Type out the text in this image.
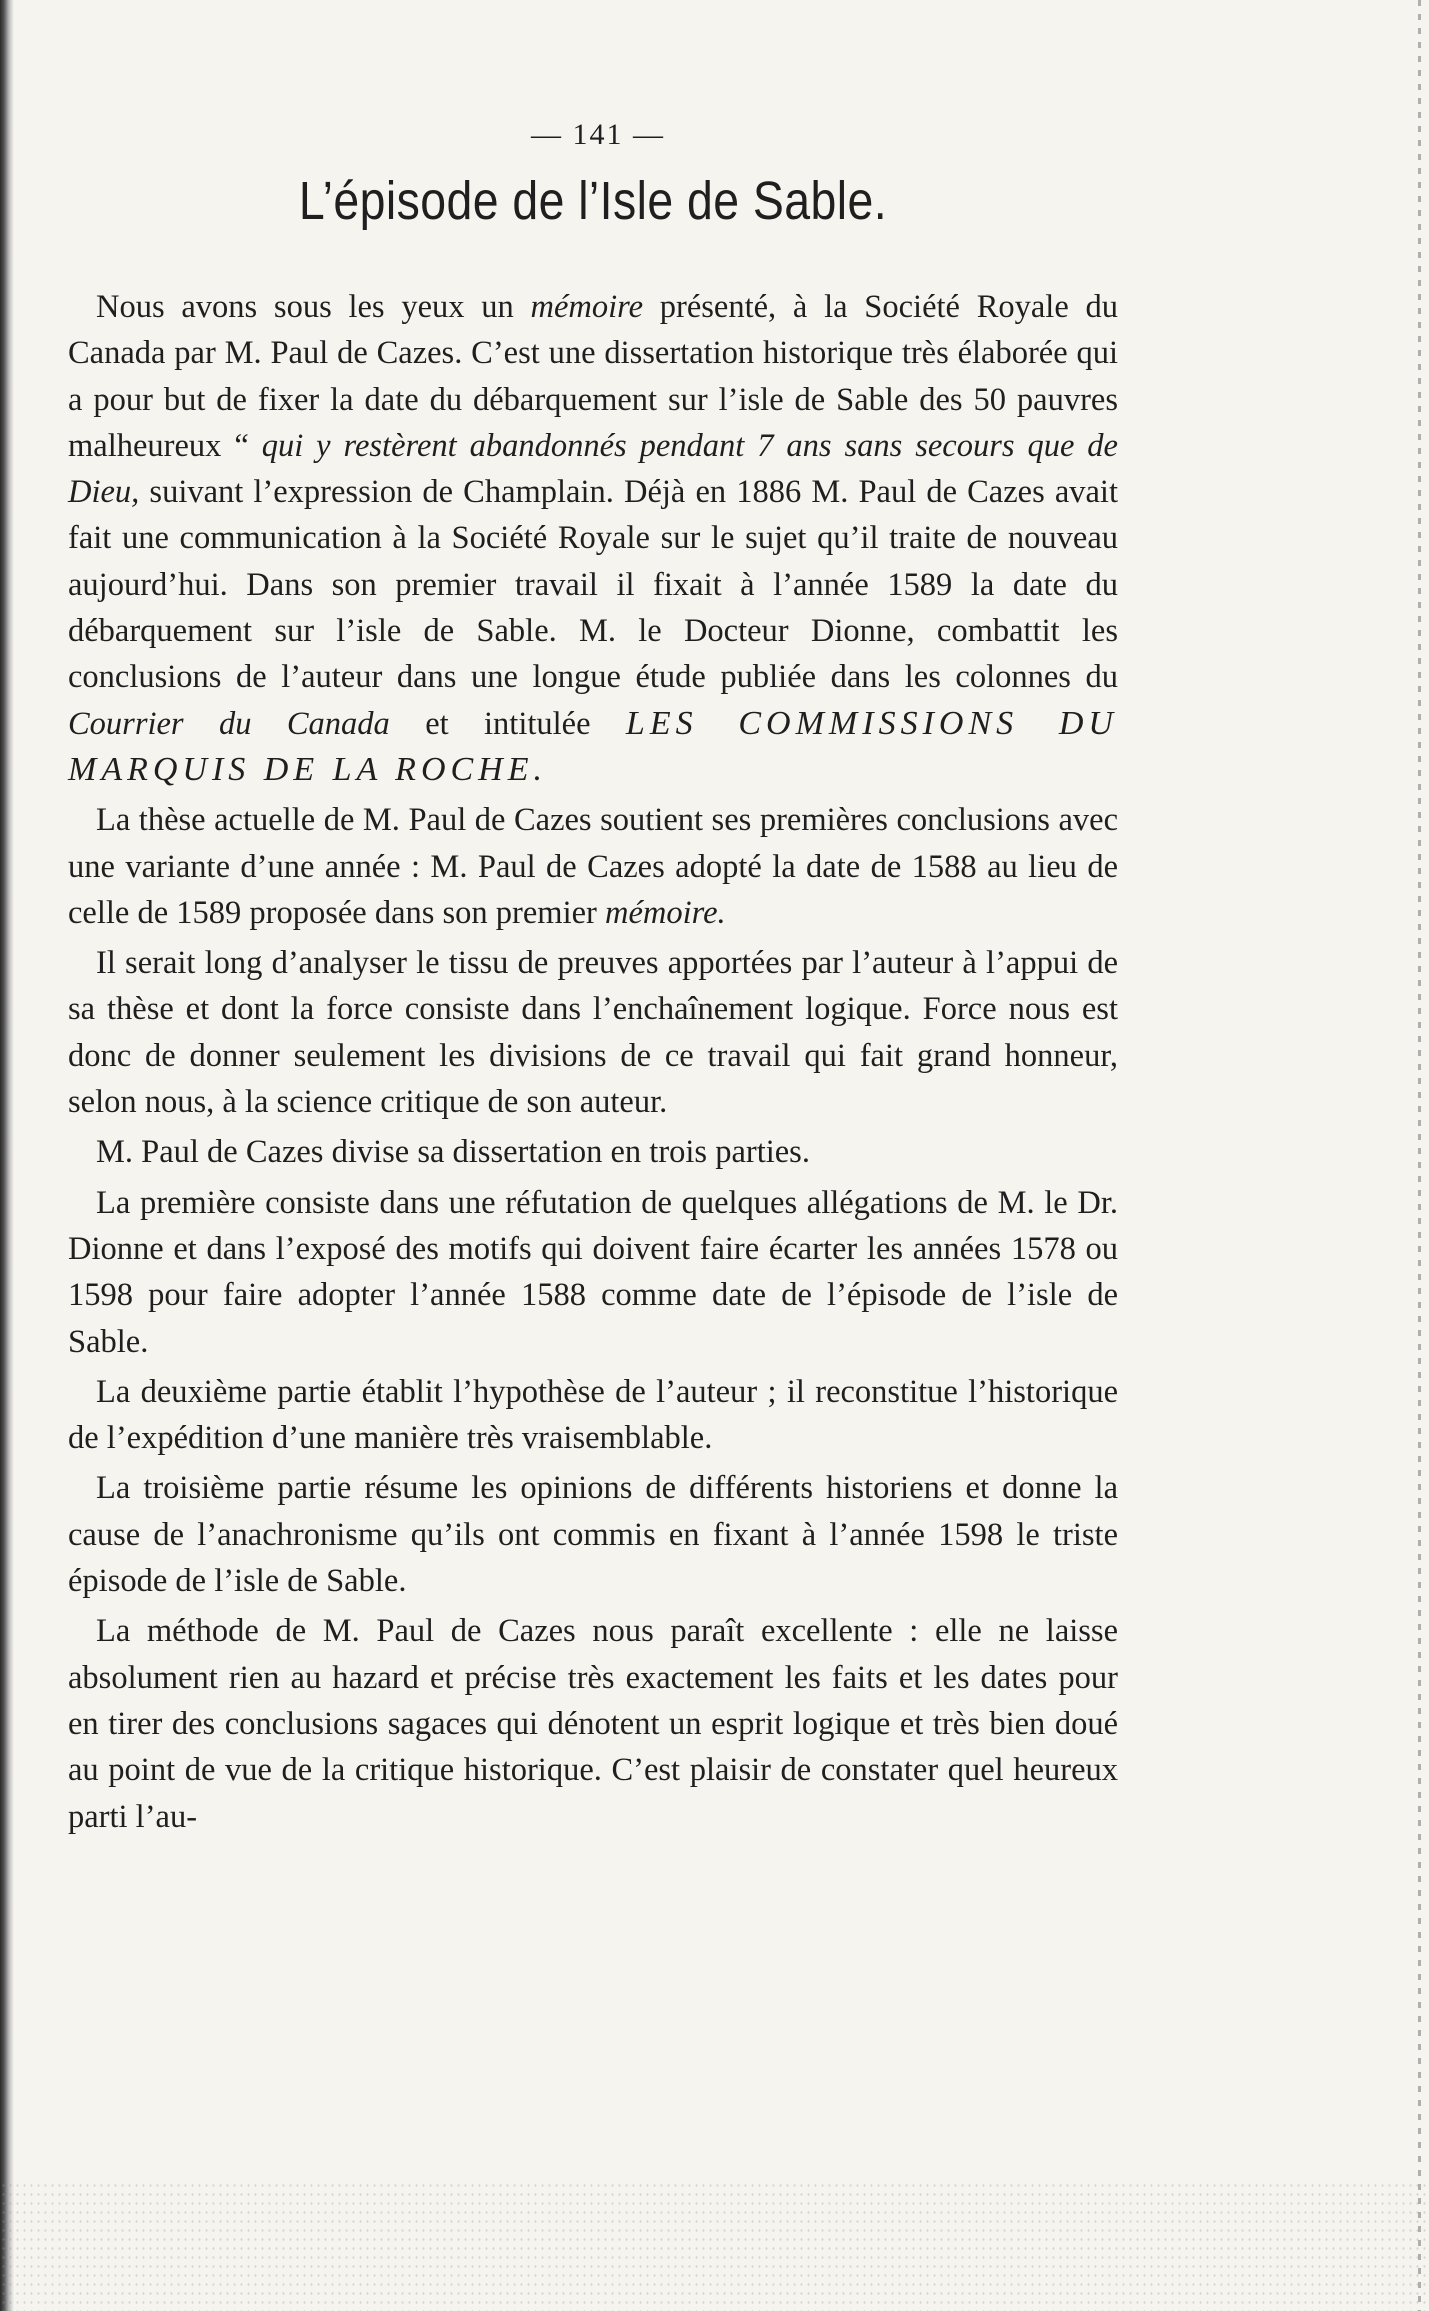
— 141 —
L’épisode de l’Isle de Sable.

Nous avons sous les yeux un mémoire présenté, à la Société Royale du Canada par M. Paul de Cazes. C’est une dissertation historique très élaborée qui a pour but de fixer la date du débarquement sur l’isle de Sable des 50 pauvres malheureux “ qui y restèrent abandonnés pendant 7 ans sans secours que de Dieu, suivant l’expression de Champlain. Déjà en 1886 M. Paul de Cazes avait fait une communication à la Société Royale sur le sujet qu’il traite de nouveau aujourd’hui. Dans son premier travail il fixait à l’année 1589 la date du débarquement sur l’isle de Sable. M. le Docteur Dionne, combattit les conclusions de l’auteur dans une longue étude publiée dans les colonnes du Courrier du Canada et intitulée LES COMMISSIONS DU MARQUIS DE LA ROCHE.

La thèse actuelle de M. Paul de Cazes soutient ses premières conclusions avec une variante d’une année : M. Paul de Cazes adopté la date de 1588 au lieu de celle de 1589 proposée dans son premier mémoire.

Il serait long d’analyser le tissu de preuves apportées par l’auteur à l’appui de sa thèse et dont la force consiste dans l’enchaînement logique. Force nous est donc de donner seulement les divisions de ce travail qui fait grand honneur, selon nous, à la science critique de son auteur.

M. Paul de Cazes divise sa dissertation en trois parties.

La première consiste dans une réfutation de quelques allégations de M. le Dr. Dionne et dans l’exposé des motifs qui doivent faire écarter les années 1578 ou 1598 pour faire adopter l’année 1588 comme date de l’épisode de l’isle de Sable.

La deuxième partie établit l’hypothèse de l’auteur ; il reconstitue l’historique de l’expédition d’une manière très vraisemblable.

La troisième partie résume les opinions de différents historiens et donne la cause de l’anachronisme qu’ils ont commis en fixant à l’année 1598 le triste épisode de l’isle de Sable.

La méthode de M. Paul de Cazes nous paraît excellente : elle ne laisse absolument rien au hazard et précise très exactement les faits et les dates pour en tirer des conclusions sagaces qui dénotent un esprit logique et très bien doué au point de vue de la critique historique. C’est plaisir de constater quel heureux parti l’au-
